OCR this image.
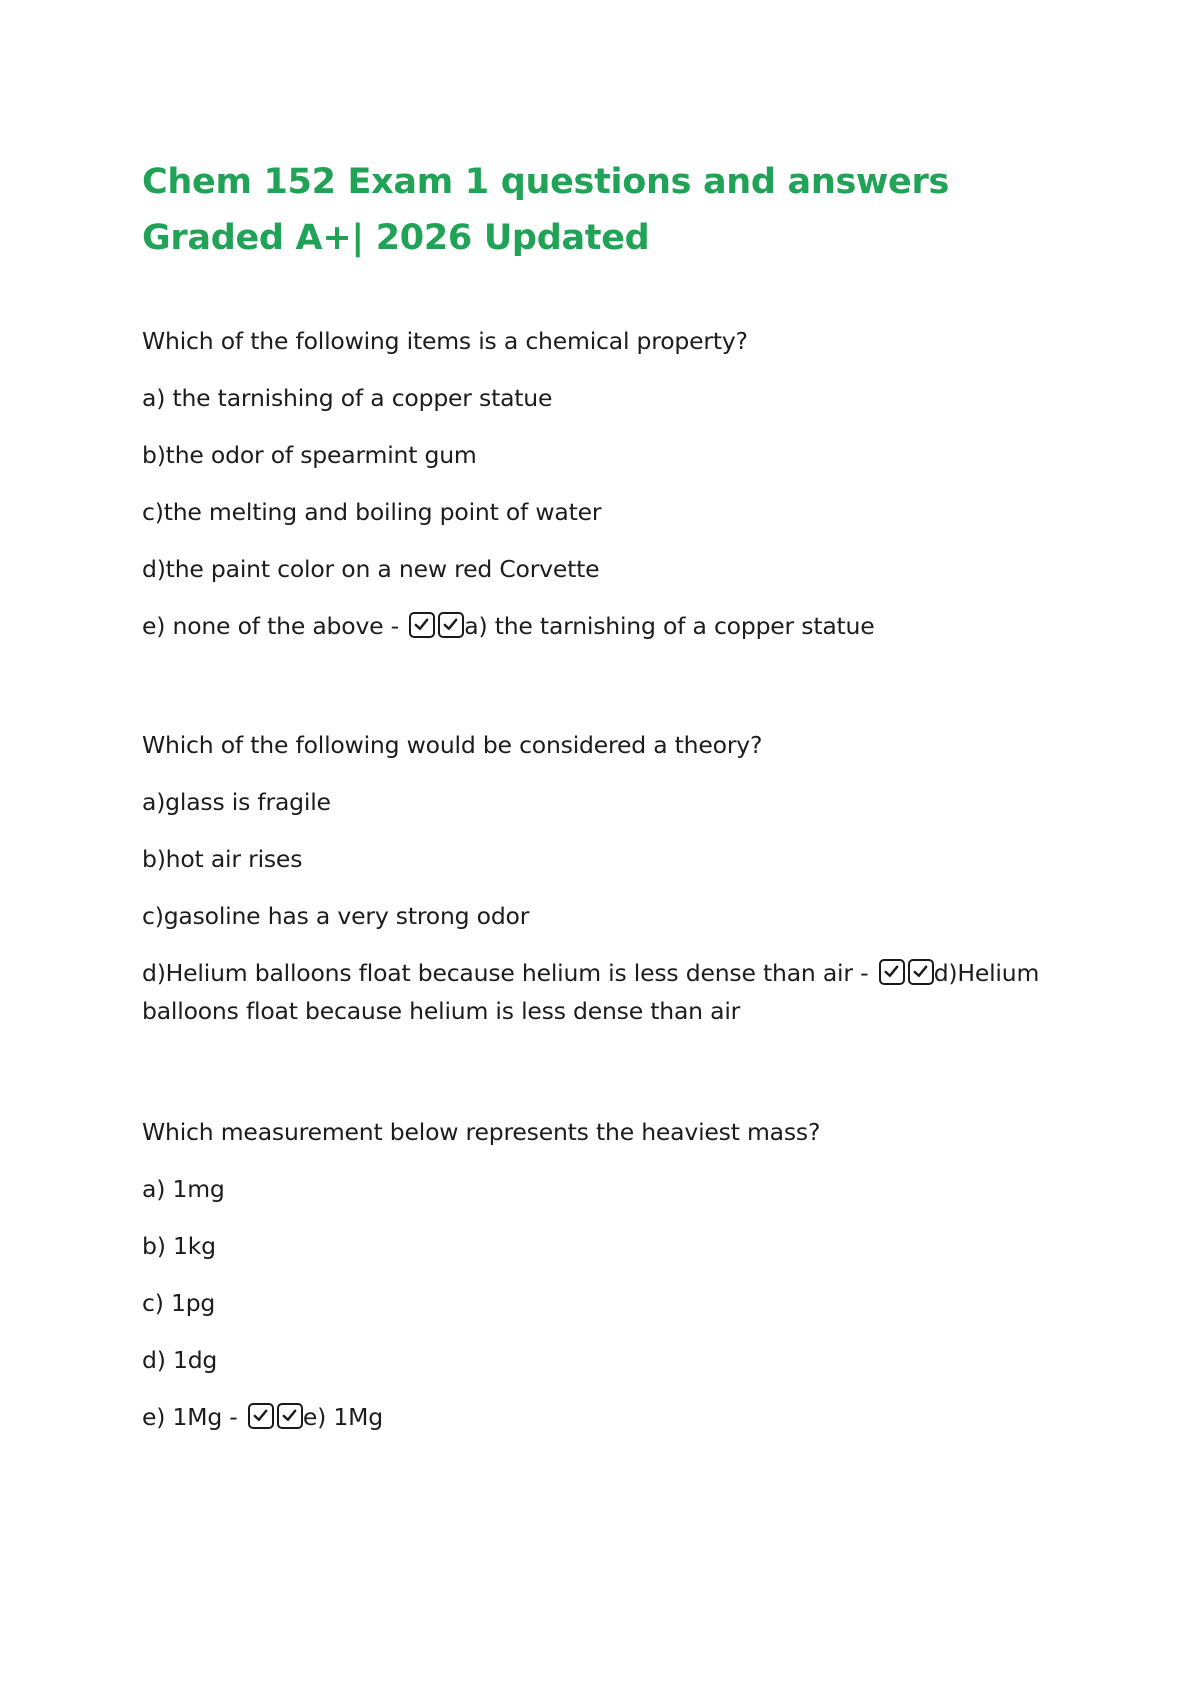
Chem 152 Exam 1 questions and answers Graded A+| 2026 Updated

Which of the following items is a chemical property?

a) the tarnishing of a copper statue

b)the odor of spearmint gum

c)the melting and boiling point of water

d)the paint color on a new red Corvette

e) none of the above -	a) the tarnishing of a copper statue

Which of the following would be considered a theory?

a)glass is fragile

b)hot air rises

c)gasoline has a very strong odor

d)Helium balloons float because helium is less dense than air -	d)Helium balloons float because helium is less dense than air

Which measurement below represents the heaviest mass?

a) 1mg

b) 1kg

c) 1pg

d) 1dg

e) 1Mg -	e) 1Mg
